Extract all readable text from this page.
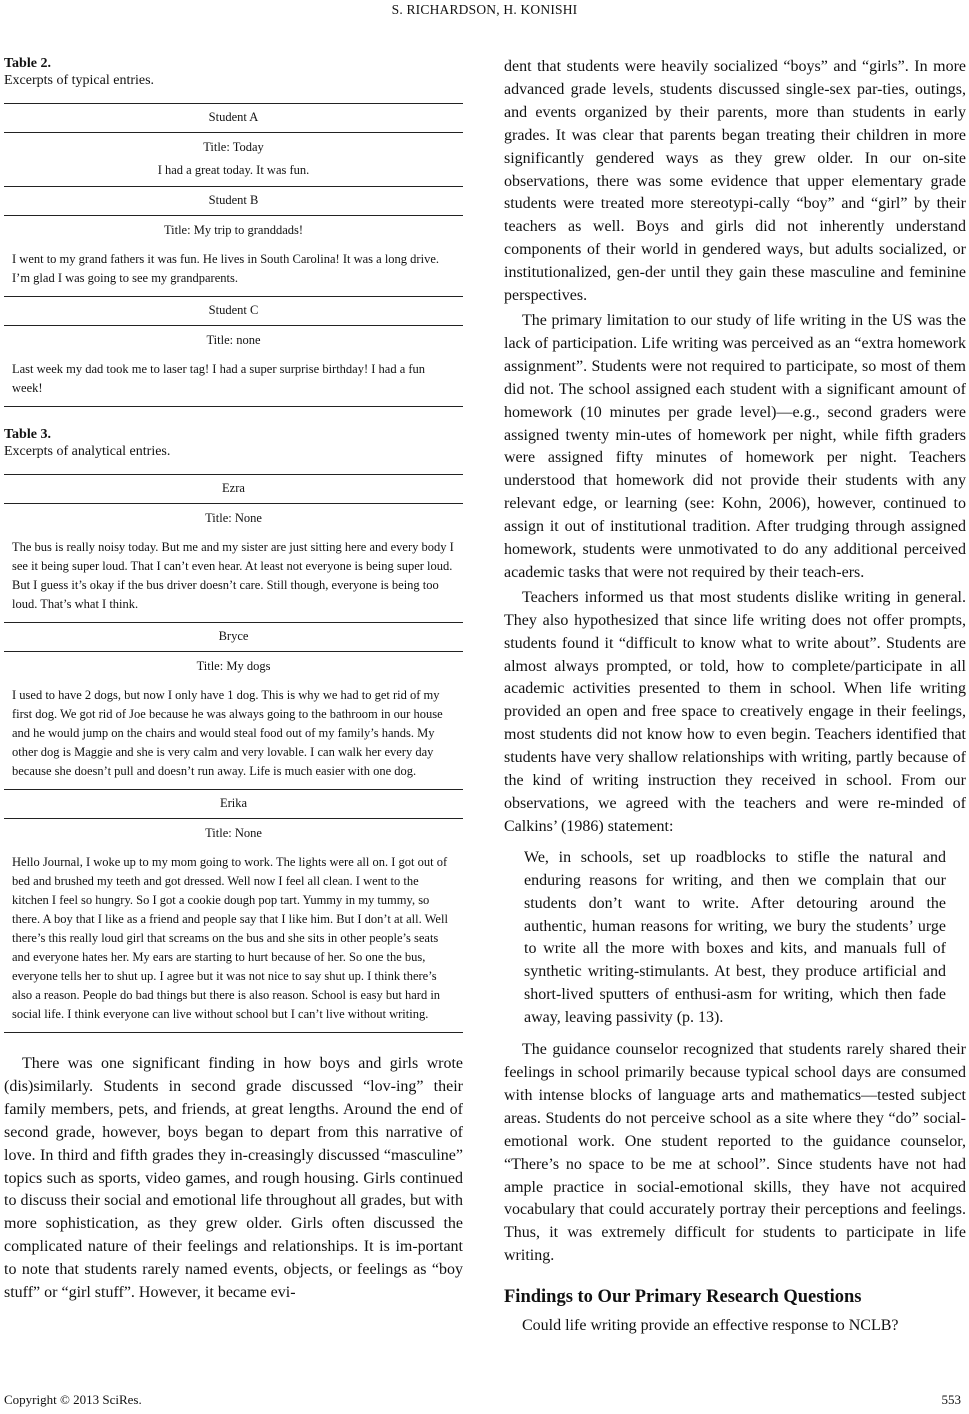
S. RICHARDSON, H. KONISHI
Table 2.
Excerpts of typical entries.
Student A
Title: Today
I had a great today. It was fun.
Student B
Title: My trip to granddads!
I went to my grand fathers it was fun. He lives in South Carolina! It was a long drive. I’m glad I was going to see my grandparents.
Student C
Title: none
Last week my dad took me to laser tag! I had a super surprise birthday! I had a fun week!
Table 3.
Excerpts of analytical entries.
Ezra
Title: None
The bus is really noisy today. But me and my sister are just sitting here and every body I see it being super loud. That I can’t even hear. At least not everyone is being super loud. But I guess it’s okay if the bus driver doesn’t care. Still though, everyone is being too loud. That’s what I think.
Bryce
Title: My dogs
I used to have 2 dogs, but now I only have 1 dog. This is why we had to get rid of my first dog. We got rid of Joe because he was always going to the bathroom in our house and he would jump on the chairs and would steal food out of my family’s hands. My other dog is Maggie and she is very calm and very lovable. I can walk her every day because she doesn’t pull and doesn’t run away. Life is much easier with one dog.
Erika
Title: None
Hello Journal, I woke up to my mom going to work. The lights were all on. I got out of bed and brushed my teeth and got dressed. Well now I feel all clean. I went to the kitchen I feel so hungry. So I got a cookie dough pop tart. Yummy in my tummy, so there. A boy that I like as a friend and people say that I like him. But I don’t at all. Well there’s this really loud girl that screams on the bus and she sits in other people’s seats and everyone hates her. My ears are starting to hurt because of her. So one the bus, everyone tells her to shut up. I agree but it was not nice to say shut up. I think there’s also a reason. People do bad things but there is also reason. School is easy but hard in social life. I think everyone can live without school but I can’t live without writing.

There was one significant finding in how boys and girls wrote (dis)similarly. Students in second grade discussed “lov-ing” their family members, pets, and friends, at great lengths. Around the end of second grade, however, boys began to depart from this narrative of love. In third and fifth grades they in-creasingly discussed “masculine” topics such as sports, video games, and rough housing. Girls continued to discuss their social and emotional life throughout all grades, but with more sophistication, as they grew older. Girls often discussed the complicated nature of their feelings and relationships. It is im-portant to note that students rarely named events, objects, or feelings as “boy stuff” or “girl stuff”. However, it became evi-

dent that students were heavily socialized “boys” and “girls”. In more advanced grade levels, students discussed single-sex par-ties, outings, and events organized by their parents, more than students in early grades. It was clear that parents began treating their children in more significantly gendered ways as they grew older. In our on-site observations, there was some evidence that upper elementary grade students were treated more stereotypi-cally “boy” and “girl” by their teachers as well. Boys and girls did not inherently understand components of their world in gendered ways, but adults socialized, or institutionalized, gen-der until they gain these masculine and feminine perspectives.

The primary limitation to our study of life writing in the US was the lack of participation. Life writing was perceived as an “extra homework assignment”. Students were not required to participate, so most of them did not. The school assigned each student with a significant amount of homework (10 minutes per grade level)—e.g., second graders were assigned twenty min-utes of homework per night, while fifth graders were assigned fifty minutes of homework per night. Teachers understood that homework did not provide their students with any relevant edge, or learning (see: Kohn, 2006), however, continued to assign it out of institutional tradition. After trudging through assigned homework, students were unmotivated to do any additional perceived academic tasks that were not required by their teach-ers.

Teachers informed us that most students dislike writing in general. They also hypothesized that since life writing does not offer prompts, students found it “difficult to know what to write about”. Students are almost always prompted, or told, how to complete/participate in all academic activities presented to them in school. When life writing provided an open and free space to creatively engage in their feelings, most students did not know how to even begin. Teachers identified that students have very shallow relationships with writing, partly because of the kind of writing instruction they received in school. From our observations, we agreed with the teachers and were re-minded of Calkins’ (1986) statement:

We, in schools, set up roadblocks to stifle the natural and enduring reasons for writing, and then we complain that our students don’t want to write. After detouring around the authentic, human reasons for writing, we bury the students’ urge to write all the more with boxes and kits, and manuals full of synthetic writing-stimulants. At best, they produce artificial and short-lived sputters of enthusi-asm for writing, which then fade away, leaving passivity (p. 13).

The guidance counselor recognized that students rarely shared their feelings in school primarily because typical school days are consumed with intense blocks of language arts and mathematics—tested subject areas. Students do not perceive school as a site where they “do” social-emotional work. One student reported to the guidance counselor, “There’s no space to be me at school”. Since students have not had ample practice in social-emotional skills, they have not acquired vocabulary that could accurately portray their perceptions and feelings. Thus, it was extremely difficult for students to participate in life writing.

Findings to Our Primary Research Questions

Could life writing provide an effective response to NCLB?

Copyright © 2013 SciRes.	553
